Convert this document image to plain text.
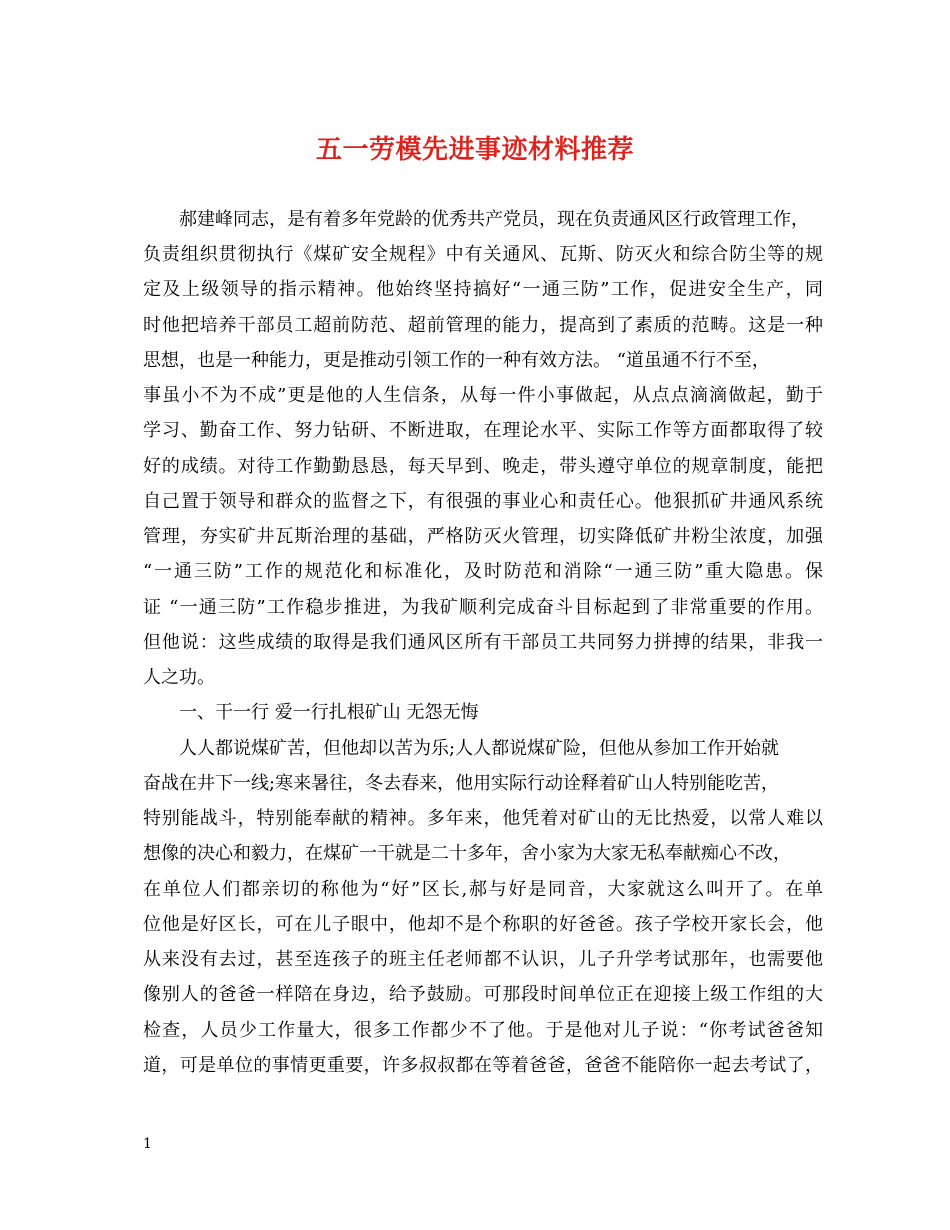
五一劳模先进事迹材料推荐
郝建峰同志，是有着多年党龄的优秀共产党员，现在负责通风区行政管理工作，
负责组织贯彻执行《煤矿安全规程》中有关通风、瓦斯、防灭火和综合防尘等的规
定及上级领导的指示精神。他始终坚持搞好“一通三防”工作，促进安全生产，同
时他把培养干部员工超前防范、超前管理的能力，提高到了素质的范畴。这是一种
思想，也是一种能力，更是推动引领工作的一种有效方法。 “道虽通不行不至，
事虽小不为不成”更是他的人生信条，从每一件小事做起，从点点滴滴做起，勤于
学习、勤奋工作、努力钻研、不断进取，在理论水平、实际工作等方面都取得了较
好的成绩。对待工作勤勤恳恳，每天早到、晚走，带头遵守单位的规章制度，能把
自己置于领导和群众的监督之下，有很强的事业心和责任心。他狠抓矿井通风系统
管理，夯实矿井瓦斯治理的基础，严格防灭火管理，切实降低矿井粉尘浓度，加强
“一通三防”工作的规范化和标准化，及时防范和消除“一通三防”重大隐患。保
证 “一通三防”工作稳步推进，为我矿顺利完成奋斗目标起到了非常重要的作用。
但他说：这些成绩的取得是我们通风区所有干部员工共同努力拼搏的结果，非我一
人之功。
一、干一行 爱一行扎根矿山 无怨无悔
人人都说煤矿苦，但他却以苦为乐;人人都说煤矿险，但他从参加工作开始就
奋战在井下一线;寒来暑往，冬去春来，他用实际行动诠释着矿山人特别能吃苦，
特别能战斗，特别能奉献的精神。多年来，他凭着对矿山的无比热爱，以常人难以
想像的决心和毅力，在煤矿一干就是二十多年，舍小家为大家无私奉献痴心不改，
在单位人们都亲切的称他为“好”区长,郝与好是同音，大家就这么叫开了。在单
位他是好区长，可在儿子眼中，他却不是个称职的好爸爸。孩子学校开家长会，他
从来没有去过，甚至连孩子的班主任老师都不认识，儿子升学考试那年，也需要他
像别人的爸爸一样陪在身边，给予鼓励。可那段时间单位正在迎接上级工作组的大
检查，人员少工作量大，很多工作都少不了他。于是他对儿子说：“你考试爸爸知
道，可是单位的事情更重要，许多叔叔都在等着爸爸，爸爸不能陪你一起去考试了，
1
